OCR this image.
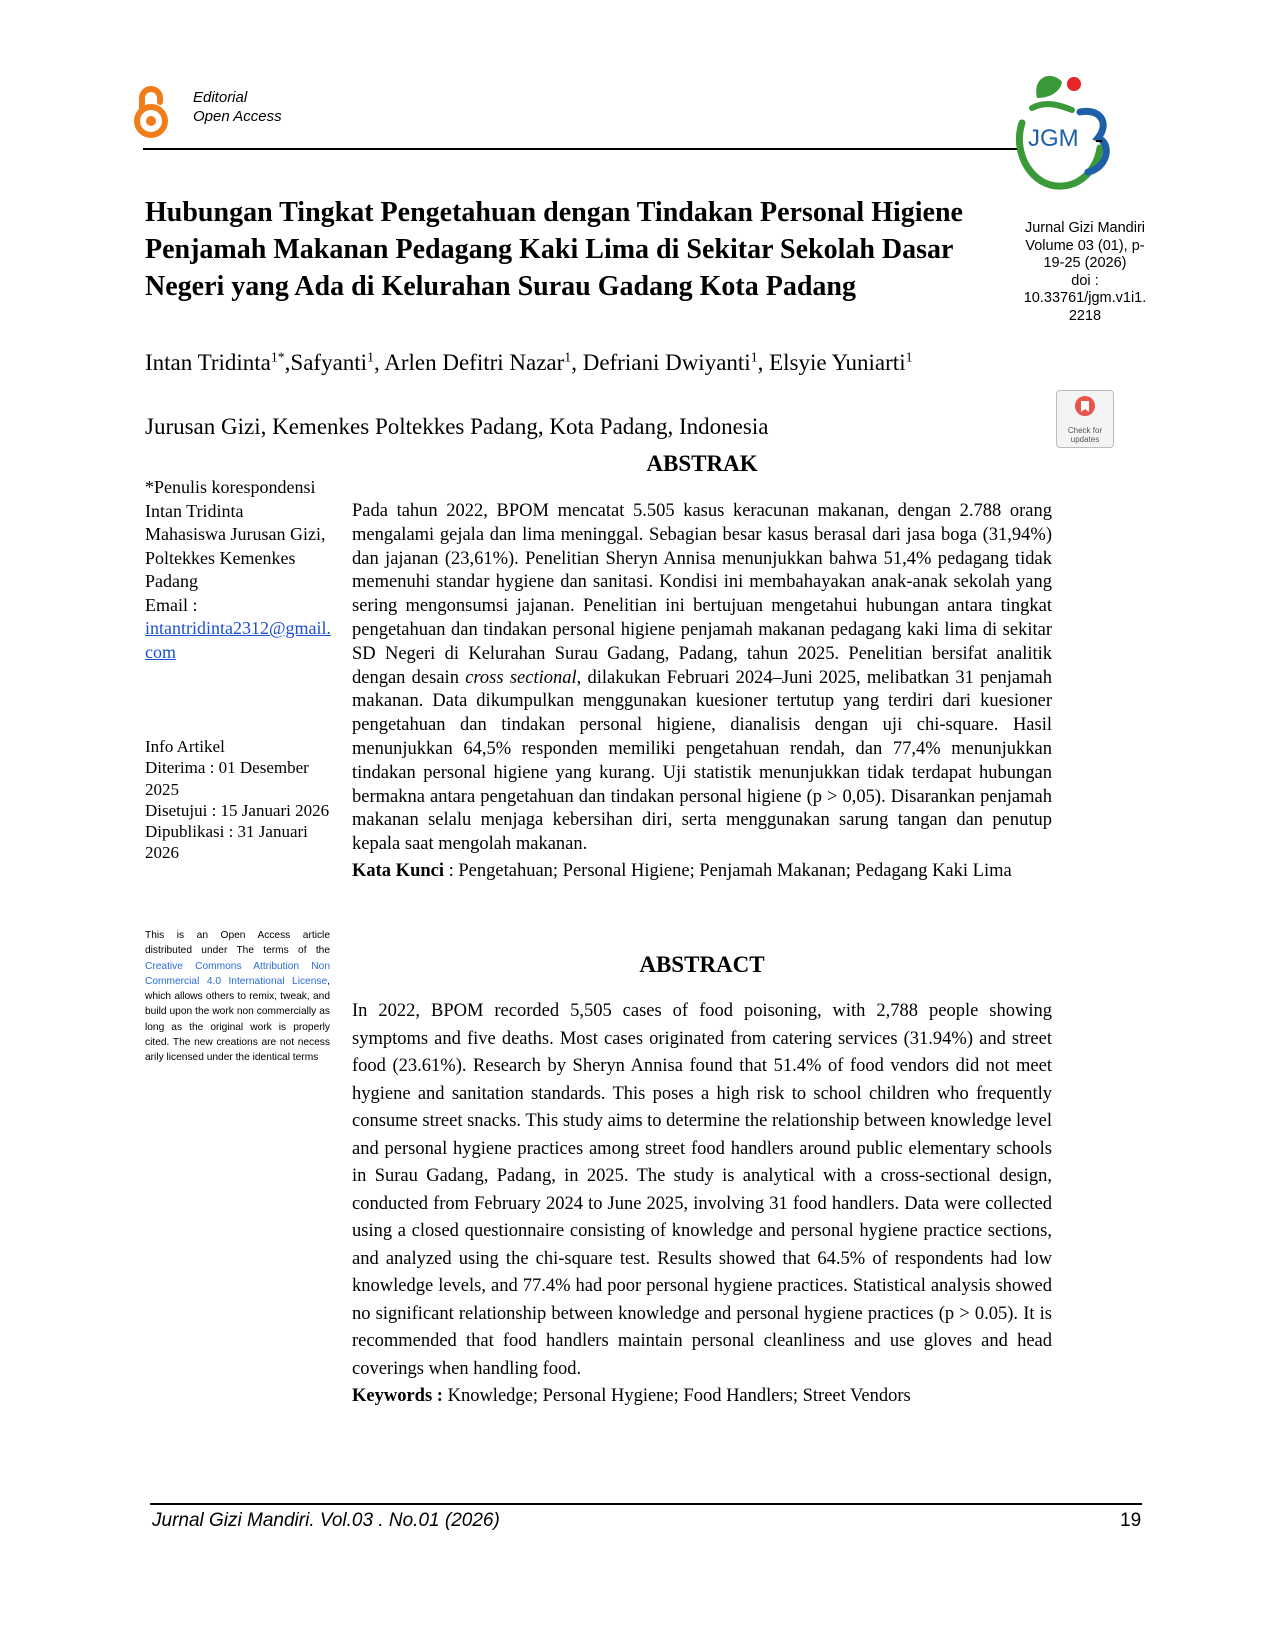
Editorial
Open Access
JGM
Hubungan Tingkat Pengetahuan dengan Tindakan Personal Higiene Penjamah Makanan Pedagang Kaki Lima di Sekitar Sekolah Dasar Negeri yang Ada di Kelurahan Surau Gadang Kota Padang
Intan Tridinta$^{1*}$,Safyanti$^1$, Arlen Defitri Nazar$^1$, Defriani Dwiyanti$^1$, Elsyie Yuniarti$^1$
Jurusan Gizi, Kemenkes Poltekkes Padang, Kota Padang, Indonesia
Jurnal Gizi Mandiri
Volume 03 (01), p-
19-25 (2026)
doi :
10.33761/jgm.v1i1.
2218
Check for
updates
*Penulis korespondensi
Intan Tridinta
Mahasiswa Jurusan Gizi, Poltekkes Kemenkes Padang
Email :
intantridinta2312@gmail.com
Info Artikel
Diterima : 01 Desember 2025
Disetujui : 15 Januari 2026
Dipublikasi : 31 Januari 2026
This is an Open Access article distributed under The terms of the Creative Commons Attribution Non Commercial 4.0 International License, which allows others to remix, tweak, and build upon the work non commercially as long as the original work is properly cited. The new creations are not necess arily licensed under the identical terms
ABSTRAK
Pada tahun 2022, BPOM mencatat 5.505 kasus keracunan makanan, dengan 2.788 orang mengalami gejala dan lima meninggal. Sebagian besar kasus berasal dari jasa boga (31,94%) dan jajanan (23,61%). Penelitian Sheryn Annisa menunjukkan bahwa 51,4% pedagang tidak memenuhi standar hygiene dan sanitasi. Kondisi ini membahayakan anak-anak sekolah yang sering mengonsumsi jajanan. Penelitian ini bertujuan mengetahui hubungan antara tingkat pengetahuan dan tindakan personal higiene penjamah makanan pedagang kaki lima di sekitar SD Negeri di Kelurahan Surau Gadang, Padang, tahun 2025. Penelitian bersifat analitik dengan desain cross sectional, dilakukan Februari 2024–Juni 2025, melibatkan 31 penjamah makanan. Data dikumpulkan menggunakan kuesioner tertutup yang terdiri dari kuesioner pengetahuan dan tindakan personal higiene, dianalisis dengan uji chi-square. Hasil menunjukkan 64,5% responden memiliki pengetahuan rendah, dan 77,4% menunjukkan tindakan personal higiene yang kurang. Uji statistik menunjukkan tidak terdapat hubungan bermakna antara pengetahuan dan tindakan personal higiene (p > 0,05). Disarankan penjamah makanan selalu menjaga kebersihan diri, serta menggunakan sarung tangan dan penutup kepala saat mengolah makanan.
Kata Kunci : Pengetahuan; Personal Higiene; Penjamah Makanan; Pedagang Kaki Lima
ABSTRACT
In 2022, BPOM recorded 5,505 cases of food poisoning, with 2,788 people showing symptoms and five deaths. Most cases originated from catering services (31.94%) and street food (23.61%). Research by Sheryn Annisa found that 51.4% of food vendors did not meet hygiene and sanitation standards. This poses a high risk to school children who frequently consume street snacks. This study aims to determine the relationship between knowledge level and personal hygiene practices among street food handlers around public elementary schools in Surau Gadang, Padang, in 2025. The study is analytical with a cross-sectional design, conducted from February 2024 to June 2025, involving 31 food handlers. Data were collected using a closed questionnaire consisting of knowledge and personal hygiene practice sections, and analyzed using the chi-square test. Results showed that 64.5% of respondents had low knowledge levels, and 77.4% had poor personal hygiene practices. Statistical analysis showed no significant relationship between knowledge and personal hygiene practices (p > 0.05). It is recommended that food handlers maintain personal cleanliness and use gloves and head coverings when handling food.
Keywords : Knowledge; Personal Hygiene; Food Handlers; Street Vendors
Jurnal Gizi Mandiri. Vol.03 . No.01 (2026)	19
